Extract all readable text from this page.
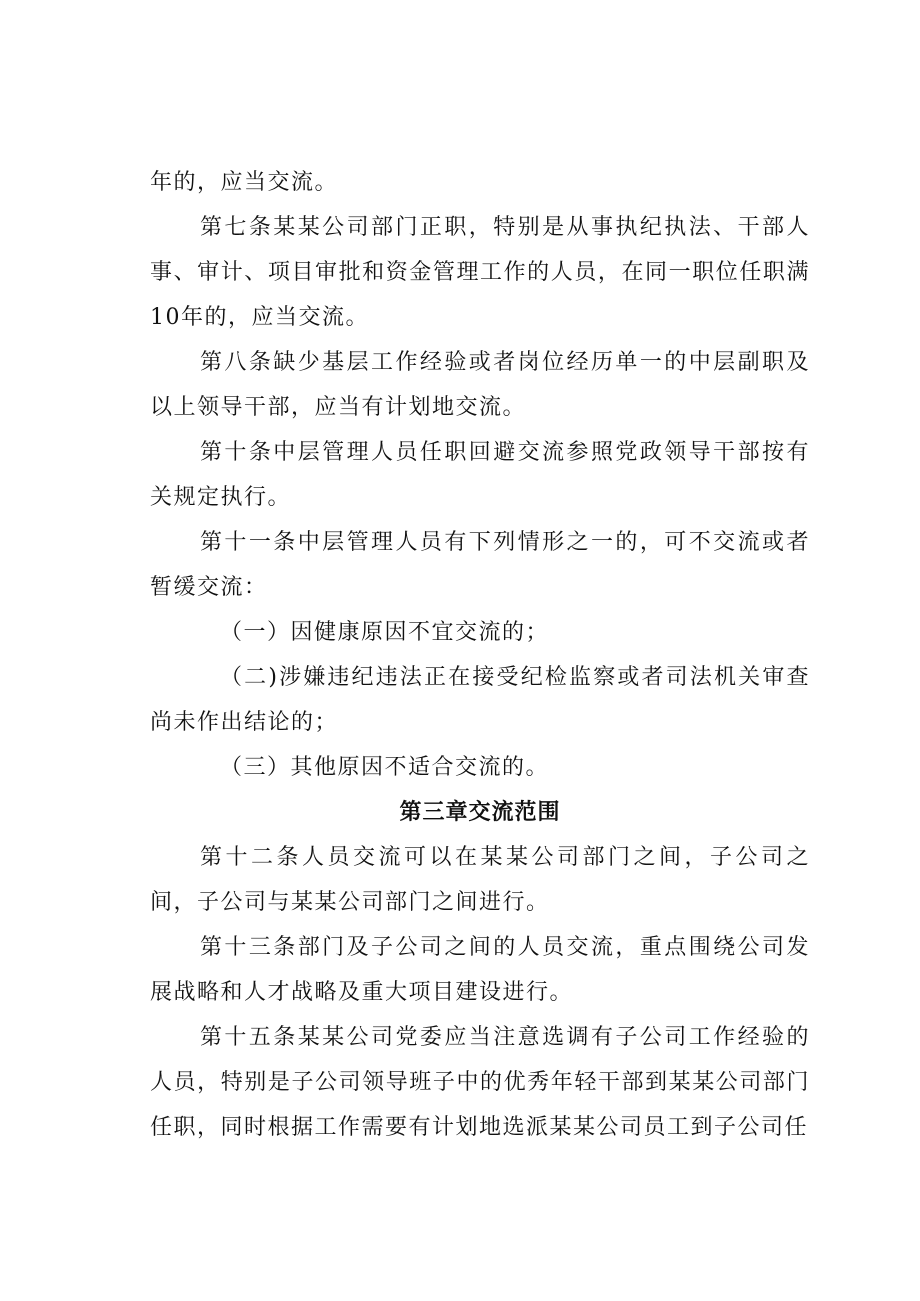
年的，应当交流。

第七条某某公司部门正职，特别是从事执纪执法、干部人事、审计、项目审批和资金管理工作的人员，在同一职位任职满10年的，应当交流。

第八条缺少基层工作经验或者岗位经历单一的中层副职及以上领导干部，应当有计划地交流。

第十条中层管理人员任职回避交流参照党政领导干部按有关规定执行。

第十一条中层管理人员有下列情形之一的，可不交流或者暂缓交流：

（一）因健康原因不宜交流的；

（二)涉嫌违纪违法正在接受纪检监察或者司法机关审查尚未作出结论的；

（三）其他原因不适合交流的。

第三章交流范围

第十二条人员交流可以在某某公司部门之间，子公司之间，子公司与某某公司部门之间进行。

第十三条部门及子公司之间的人员交流，重点围绕公司发展战略和人才战略及重大项目建设进行。

第十五条某某公司党委应当注意选调有子公司工作经验的人员，特别是子公司领导班子中的优秀年轻干部到某某公司部门任职，同时根据工作需要有计划地选派某某公司员工到子公司任
